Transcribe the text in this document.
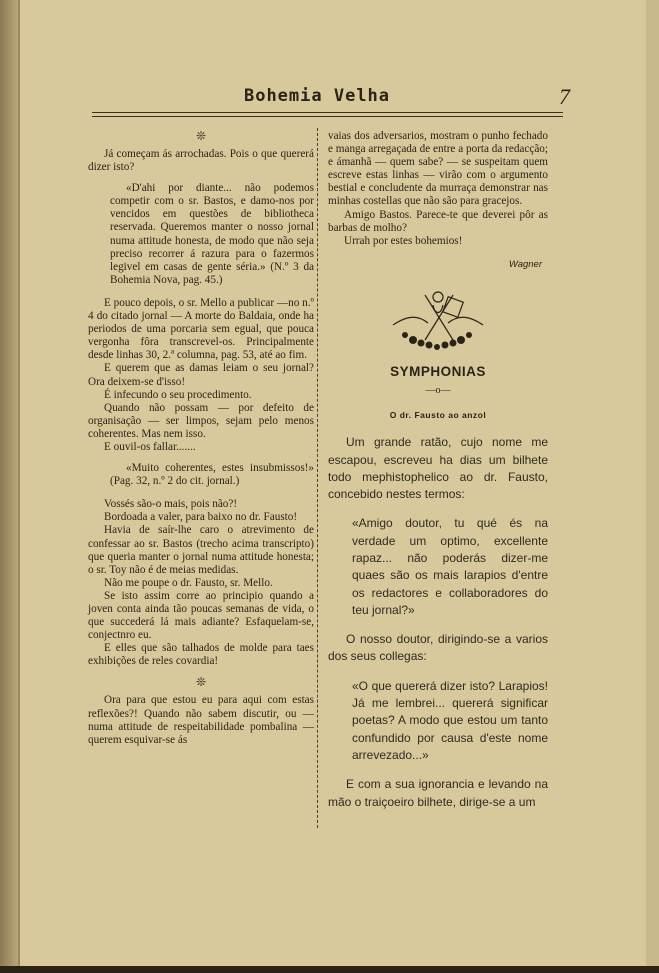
Bohemia Velha	7
❊

Já começam ás arrochadas. Pois o que quererá dizer isto?

«D'ahi por diante... não podemos competir com o sr. Bastos, e damo-nos por vencidos em questões de bibliotheca reservada. Queremos manter o nosso jornal numa attitude honesta, de modo que não seja preciso recorrer á razura para o fazermos legivel em casas de gente séria.» (N.º 3 da Bohemia Nova, pag. 45.)

E pouco depois, o sr. Mello a publicar —no n.º 4 do citado jornal — A morte do Baldaia, onde ha periodos de uma porcaria sem egual, que pouca vergonha fôra transcrevel-os. Principalmente desde linhas 30, 2.ª columna, pag. 53, até ao fim.

E querem que as damas leiam o seu jornal? Ora deixem-se d'isso!

É infecundo o seu procedimento.

Quando não possam — por defeito de organisação — ser limpos, sejam pelo menos coherentes. Mas nem isso.

E ouvil-os fallar.......

«Muito coherentes, estes insubmissos!» (Pag. 32, n.º 2 do cit. jornal.)

Vossés são-o mais, pois não?!

Bordoada a valer, para baixo no dr. Fausto!

Havia de saír-lhe caro o atrevimento de confessar ao sr. Bastos (trecho acima transcripto) que queria manter o jornal numa attitude honesta; o sr. Toy não é de meias medidas.

Não me poupe o dr. Fausto, sr. Mello.

Se isto assim corre ao principio quando a joven conta ainda tão poucas semanas de vida, o que succederá lá mais adiante? Esfaquelam-se, conjectnro eu.

E elles que são talhados de molde para taes exhibições de reles covardia!

❊

Ora para que estou eu para aqui com estas reflexões?! Quando não sabem discutir, ou — numa attitude de respeitabilidade pombalina — querem esquivar-se ás

vaias dos adversarios, mostram o punho fechado e manga arregaçada de entre a porta da redacção; e ámanhã — quem sabe? — se suspeitam quem escreve estas linhas — virão com o argumento bestial e concludente da murraça demonstrar nas minhas costellas que não são para gracejos.

Amigo Bastos. Parece-te que deverei pôr as barbas de molho?

Urrah por estes bohemios!

Wagner
SYMPHONIAS
—o—
O dr. Fausto ao anzol

Um grande ratão, cujo nome me escapou, escreveu ha dias um bilhete todo mephistophelico ao dr. Fausto, concebido nestes termos:

«Amigo doutor, tu qué és na verdade um optimo, excellente rapaz... não poderás dizer-me quaes são os mais larapios d'entre os redactores e collaboradores do teu jornal?»

O nosso doutor, dirigindo-se a varios dos seus collegas:

«O que quererá dizer isto? Larapios! Já me lembrei... quererá significar poetas? A modo que estou um tanto confundido por causa d'este nome arrevezado...»

E com a sua ignorancia e levando na mão o traiçoeiro bilhete, dirige-se a um
